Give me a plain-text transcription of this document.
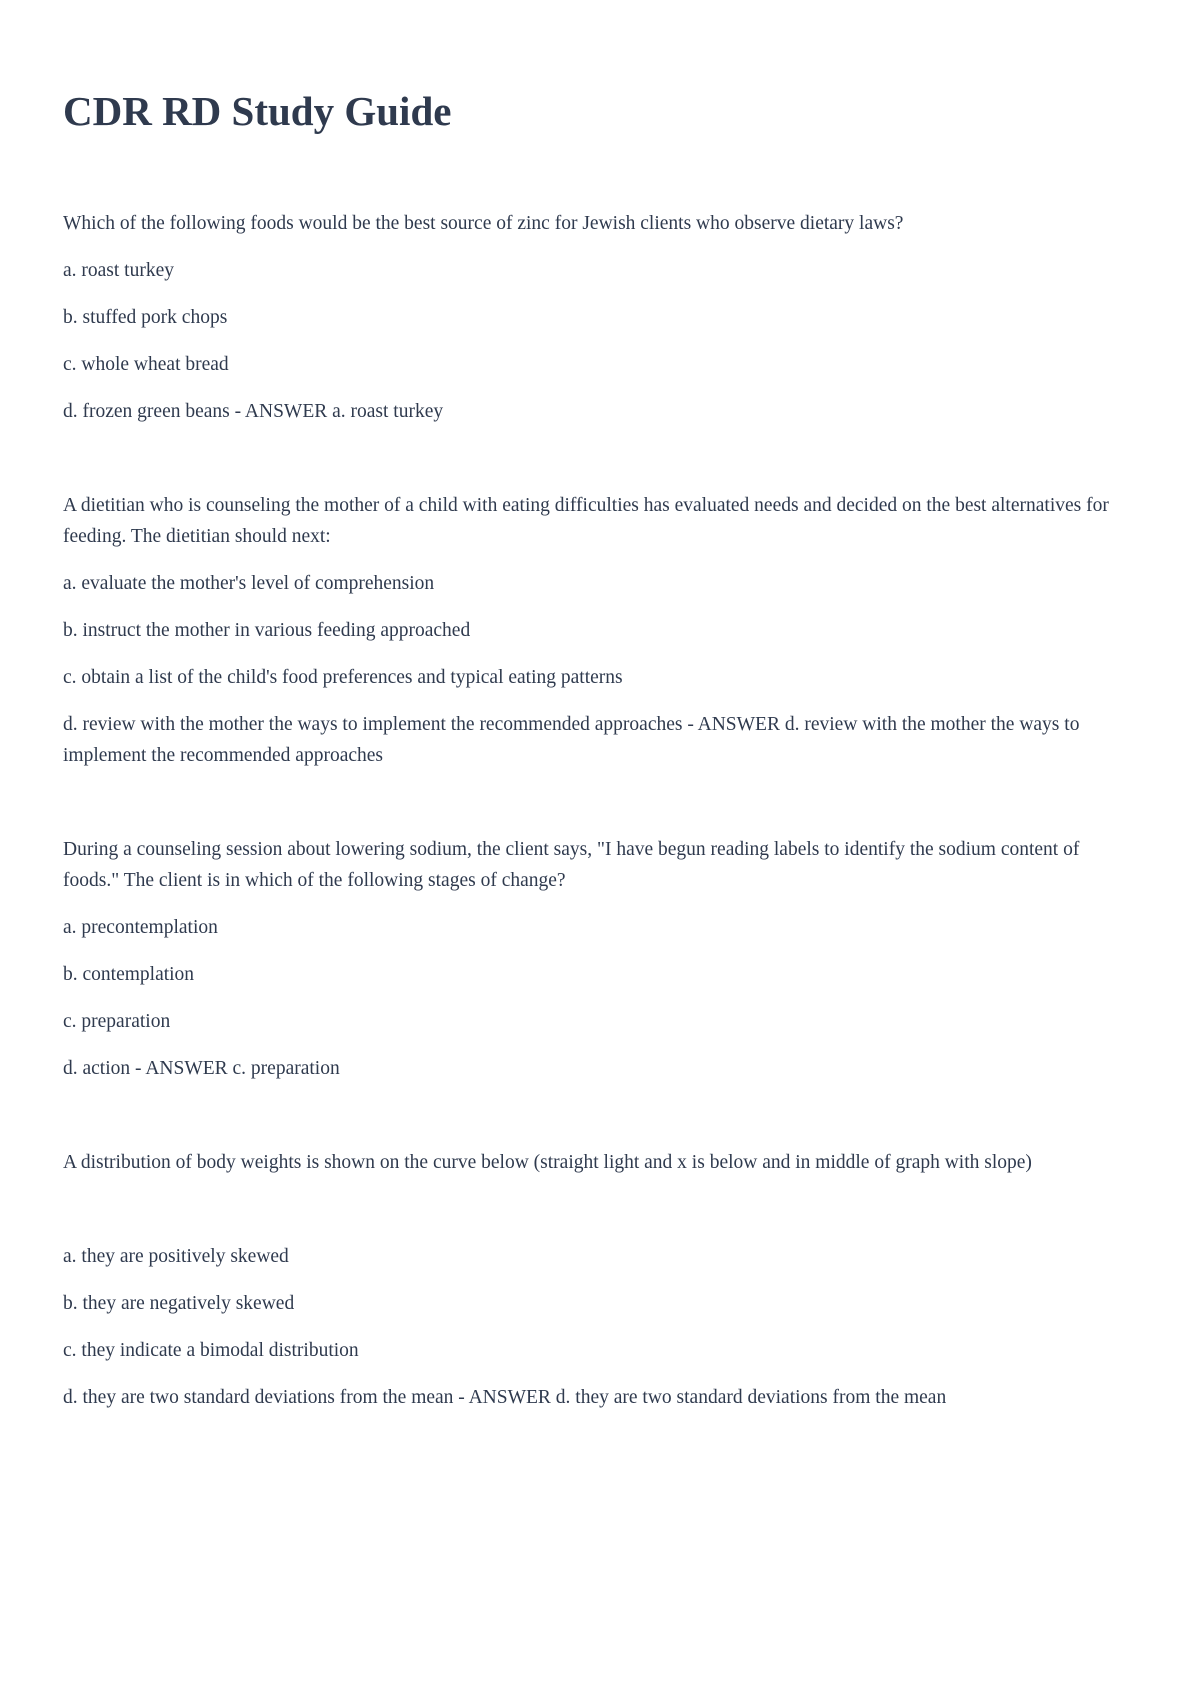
CDR RD Study Guide

Which of the following foods would be the best source of zinc for Jewish clients who observe dietary laws?

a. roast turkey

b. stuffed pork chops

c. whole wheat bread

d. frozen green beans - ANSWER a. roast turkey

A dietitian who is counseling the mother of a child with eating difficulties has evaluated needs and decided on the best alternatives for feeding. The dietitian should next:

a. evaluate the mother's level of comprehension

b. instruct the mother in various feeding approached

c. obtain a list of the child's food preferences and typical eating patterns

d. review with the mother the ways to implement the recommended approaches - ANSWER d. review with the mother the ways to implement the recommended approaches

During a counseling session about lowering sodium, the client says, "I have begun reading labels to identify the sodium content of foods." The client is in which of the following stages of change?

a. precontemplation

b. contemplation

c. preparation

d. action - ANSWER c. preparation

A distribution of body weights is shown on the curve below (straight light and x is below and in middle of graph with slope)

a. they are positively skewed

b. they are negatively skewed

c. they indicate a bimodal distribution

d. they are two standard deviations from the mean - ANSWER d. they are two standard deviations from the mean
